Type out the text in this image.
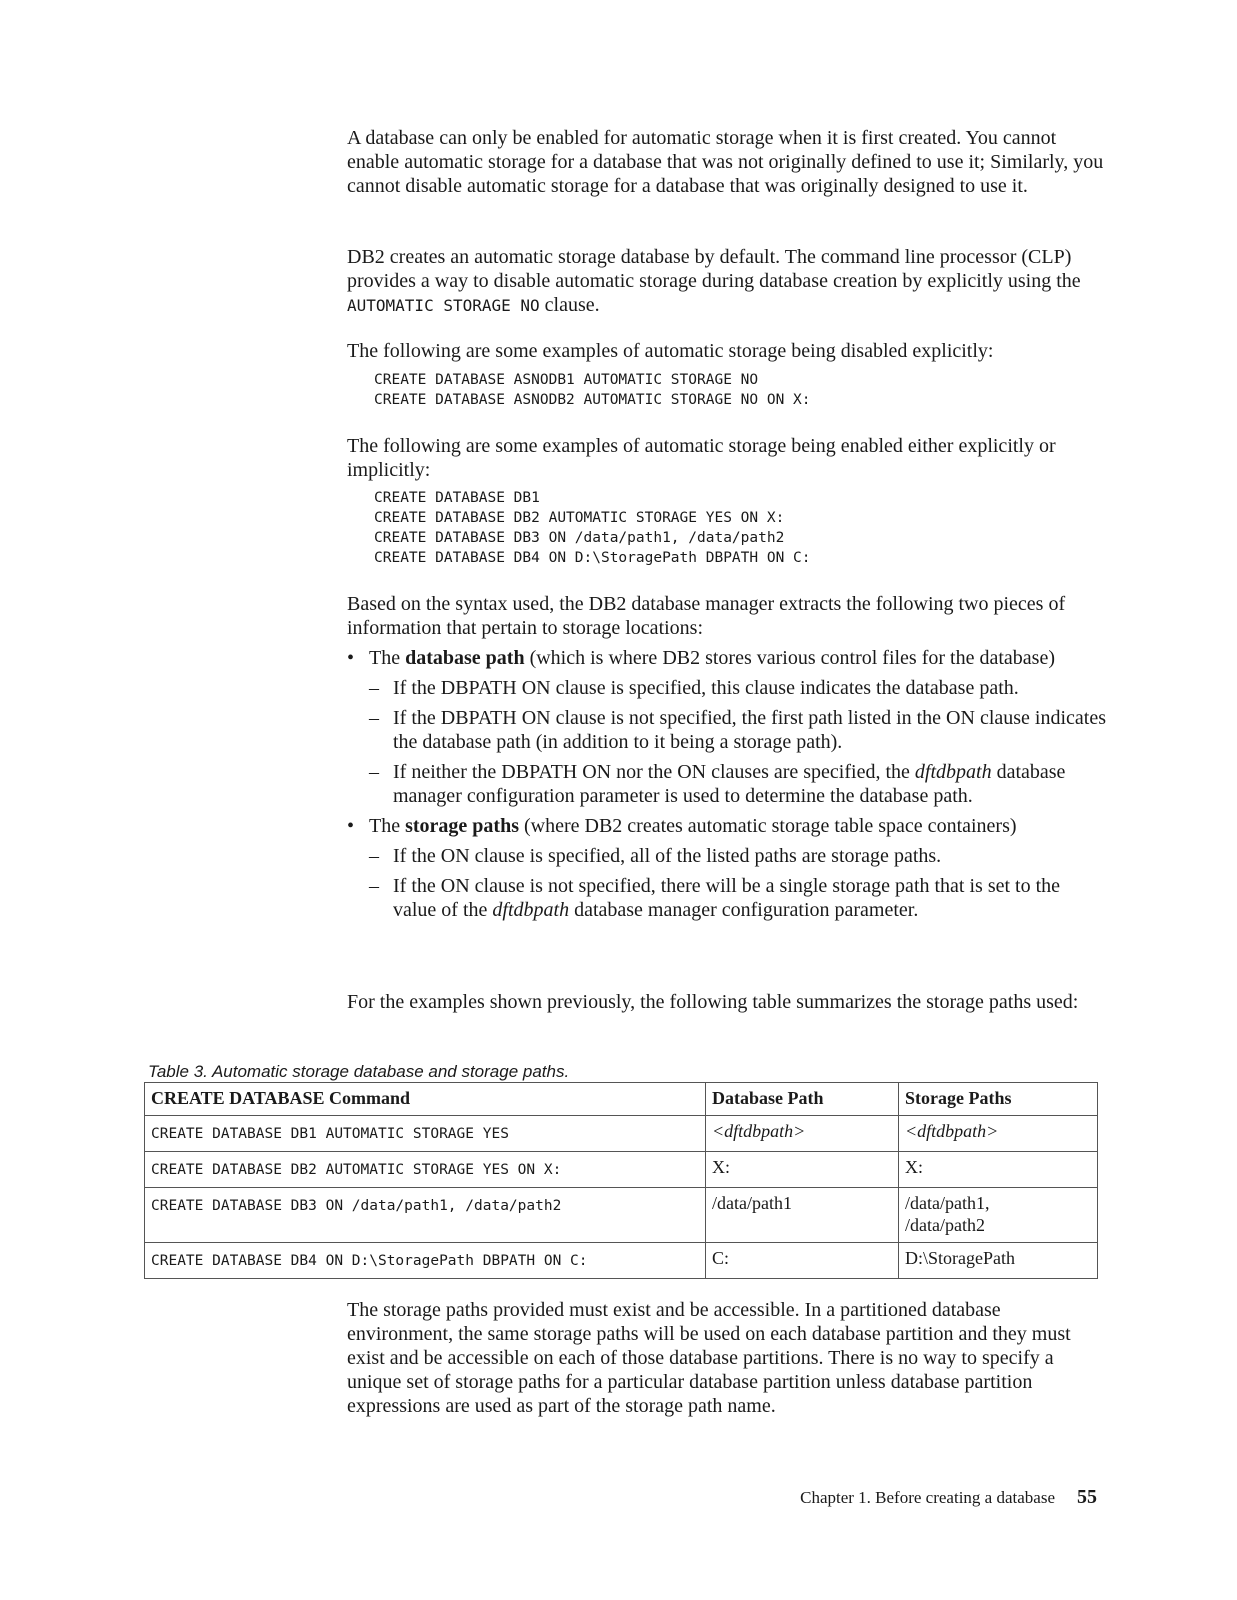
A database can only be enabled for automatic storage when it is first created. You cannot enable automatic storage for a database that was not originally defined to use it; Similarly, you cannot disable automatic storage for a database that was originally designed to use it.

DB2 creates an automatic storage database by default. The command line processor (CLP) provides a way to disable automatic storage during database creation by explicitly using the AUTOMATIC STORAGE NO clause.

The following are some examples of automatic storage being disabled explicitly:

CREATE DATABASE ASNODB1 AUTOMATIC STORAGE NO
CREATE DATABASE ASNODB2 AUTOMATIC STORAGE NO ON X:

The following are some examples of automatic storage being enabled either explicitly or implicitly:

CREATE DATABASE DB1
CREATE DATABASE DB2 AUTOMATIC STORAGE YES ON X:
CREATE DATABASE DB3 ON /data/path1, /data/path2
CREATE DATABASE DB4 ON D:\StoragePath DBPATH ON C:

Based on the syntax used, the DB2 database manager extracts the following two pieces of information that pertain to storage locations:

• The database path (which is where DB2 stores various control files for the database)
– If the DBPATH ON clause is specified, this clause indicates the database path.
– If the DBPATH ON clause is not specified, the first path listed in the ON clause indicates the database path (in addition to it being a storage path).
– If neither the DBPATH ON nor the ON clauses are specified, the dftdbpath database manager configuration parameter is used to determine the database path.
• The storage paths (where DB2 creates automatic storage table space containers)
– If the ON clause is specified, all of the listed paths are storage paths.
– If the ON clause is not specified, there will be a single storage path that is set to the value of the dftdbpath database manager configuration parameter.

For the examples shown previously, the following table summarizes the storage paths used:

Table 3. Automatic storage database and storage paths.
CREATE DATABASE Command	Database Path	Storage Paths
CREATE DATABASE DB1 AUTOMATIC STORAGE YES	<dftdbpath>	<dftdbpath>
CREATE DATABASE DB2 AUTOMATIC STORAGE YES ON X:	X:	X:
CREATE DATABASE DB3 ON /data/path1, /data/path2	/data/path1	/data/path1,
/data/path2
CREATE DATABASE DB4 ON D:\StoragePath DBPATH ON C:	C:	D:\StoragePath

The storage paths provided must exist and be accessible. In a partitioned database environment, the same storage paths will be used on each database partition and they must exist and be accessible on each of those database partitions. There is no way to specify a unique set of storage paths for a particular database partition unless database partition expressions are used as part of the storage path name.

Chapter 1. Before creating a database 55
